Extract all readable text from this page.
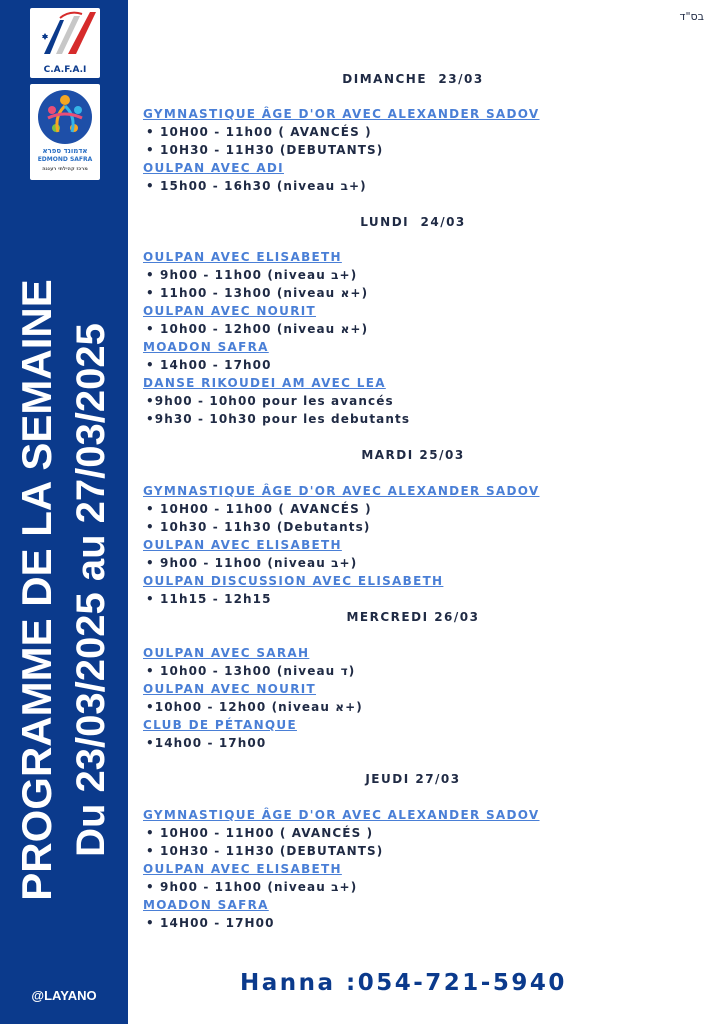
C.A.F.A.I
אדמונד ספרא
EDMOND SAFRA
מרכז קהילתי רעננה
PROGRAMME DE LA SEMAINE Du 23/03/2025 au 27/03/2025
@LAYANO
בס"ד
DIMANCHE  23/03
GYMNASTIQUE ÂGE D'OR AVEC ALEXANDER SADOV
• 10H00 - 11h00 ( AVANCÉS )
• 10H30 - 11H30 (DEBUTANTS)
OULPAN AVEC ADI
• 15h00 - 16h30 (niveau ב+)
LUNDI  24/03
OULPAN AVEC ELISABETH
• 9h00 - 11h00 (niveau ב+)
• 11h00 - 13h00 (niveau א+)
OULPAN AVEC NOURIT
• 10h00 - 12h00 (niveau א+)
MOADON SAFRA
• 14h00 - 17h00
DANSE RIKOUDEI AM AVEC LEA
•9h00 - 10h00 pour les avancés
•9h30 - 10h30 pour les debutants
MARDI 25/03
GYMNASTIQUE ÂGE D'OR AVEC ALEXANDER SADOV
• 10H00 - 11h00 ( AVANCÉS )
• 10h30 - 11h30 (Debutants)
OULPAN AVEC ELISABETH
• 9h00 - 11h00 (niveau ב+)
OULPAN DISCUSSION AVEC ELISABETH
• 11h15 - 12h15
MERCREDI 26/03
OULPAN AVEC SARAH
• 10h00 - 13h00 (niveau ד)
OULPAN AVEC NOURIT
•10h00 - 12h00 (niveau א+)
CLUB DE PÉTANQUE
•14h00 - 17h00
JEUDI 27/03
GYMNASTIQUE ÂGE D'OR AVEC ALEXANDER SADOV
• 10H00 - 11H00 ( AVANCÉS )
• 10H30 - 11H30 (DEBUTANTS)
OULPAN AVEC ELISABETH
• 9h00 - 11h00 (niveau ב+)
MOADON SAFRA
• 14H00 - 17H00
Hanna :054-721-5940
